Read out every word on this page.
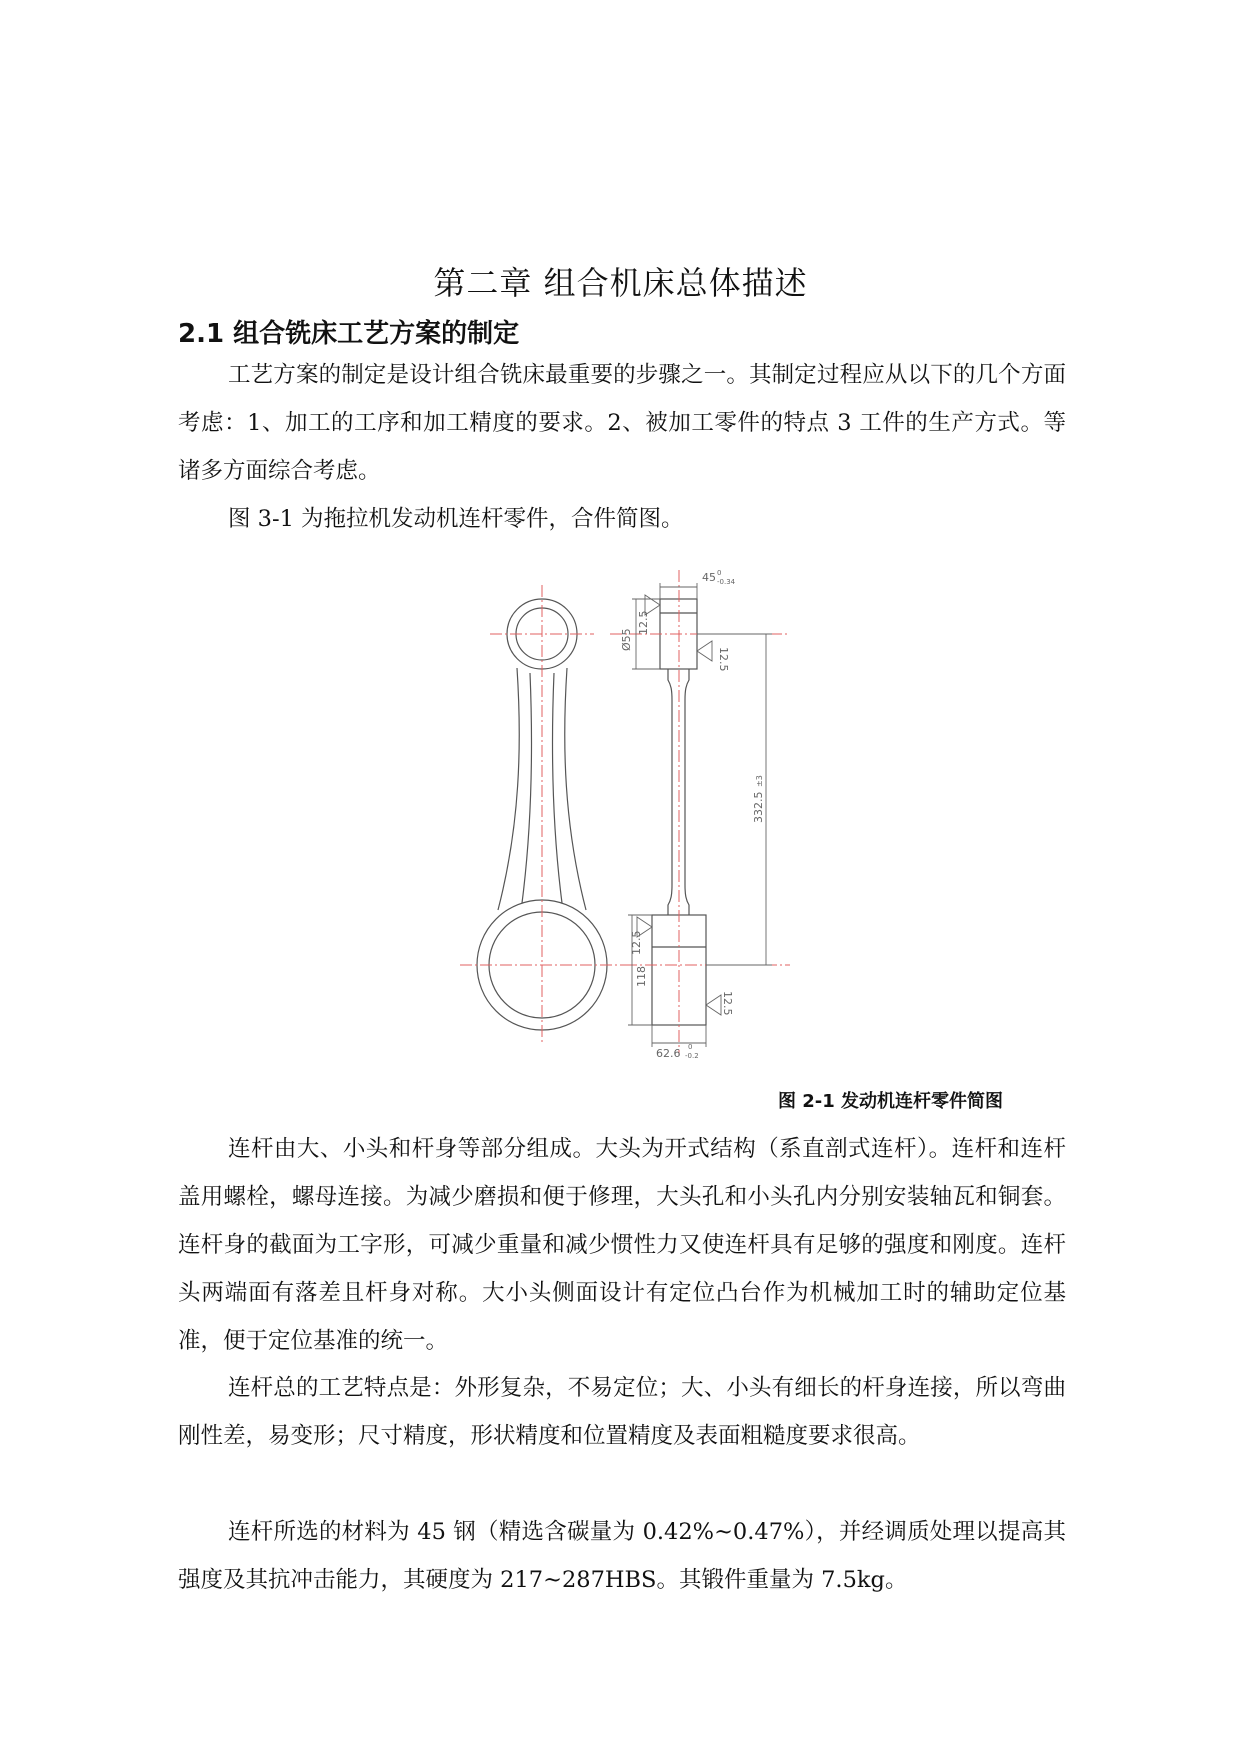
第二章 组合机床总体描述
2.1 组合铣床工艺方案的制定

工艺方案的制定是设计组合铣床最重要的步骤之一。其制定过程应从以下的几个方面考虑：1、加工的工序和加工精度的要求。2、被加工零件的特点 3 工件的生产方式。等诸多方面综合考虑。

图 3-1 为拖拉机发动机连杆零件，合件简图。

45 0
-0.34
Ø55
12.5
12.5
332.5
±3
12.5
118
12.5
62.6 0
-0.2

图 2-1 发动机连杆零件简图

连杆由大、小头和杆身等部分组成。大头为开式结构（系直剖式连杆）。连杆和连杆盖用螺栓，螺母连接。为减少磨损和便于修理，大头孔和小头孔内分别安装轴瓦和铜套。连杆身的截面为工字形，可减少重量和减少惯性力又使连杆具有足够的强度和刚度。连杆头两端面有落差且杆身对称。大小头侧面设计有定位凸台作为机械加工时的辅助定位基准，便于定位基准的统一。

连杆总的工艺特点是：外形复杂，不易定位；大、小头有细长的杆身连接，所以弯曲刚性差，易变形；尺寸精度，形状精度和位置精度及表面粗糙度要求很高。

连杆所选的材料为 45 钢（精选含碳量为 0.42%~0.47%），并经调质处理以提高其强度及其抗冲击能力，其硬度为 217~287HBS。其锻件重量为 7.5kg。
